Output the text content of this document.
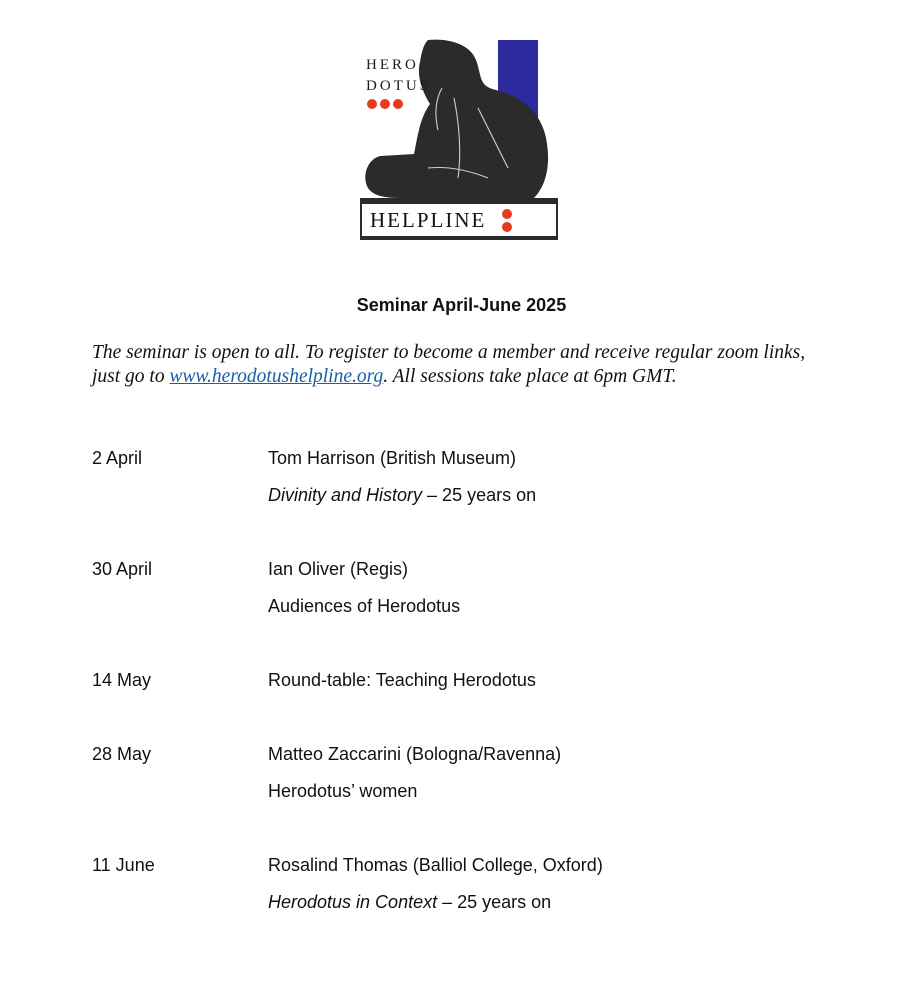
HERO
DOTUS
HELPLINE
Seminar April-June 2025
The seminar is open to all. To register to become a member and receive regular zoom links, just go to www.herodotushelpline.org. All sessions take place at 6pm GMT.
2 April	Tom Harrison (British Museum)
Divinity and History – 25 years on
30 April	Ian Oliver (Regis)
Audiences of Herodotus
14 May	Round-table: Teaching Herodotus
28 May	Matteo Zaccarini (Bologna/Ravenna)
Herodotus’ women
11 June	Rosalind Thomas (Balliol College, Oxford)
Herodotus in Context – 25 years on
